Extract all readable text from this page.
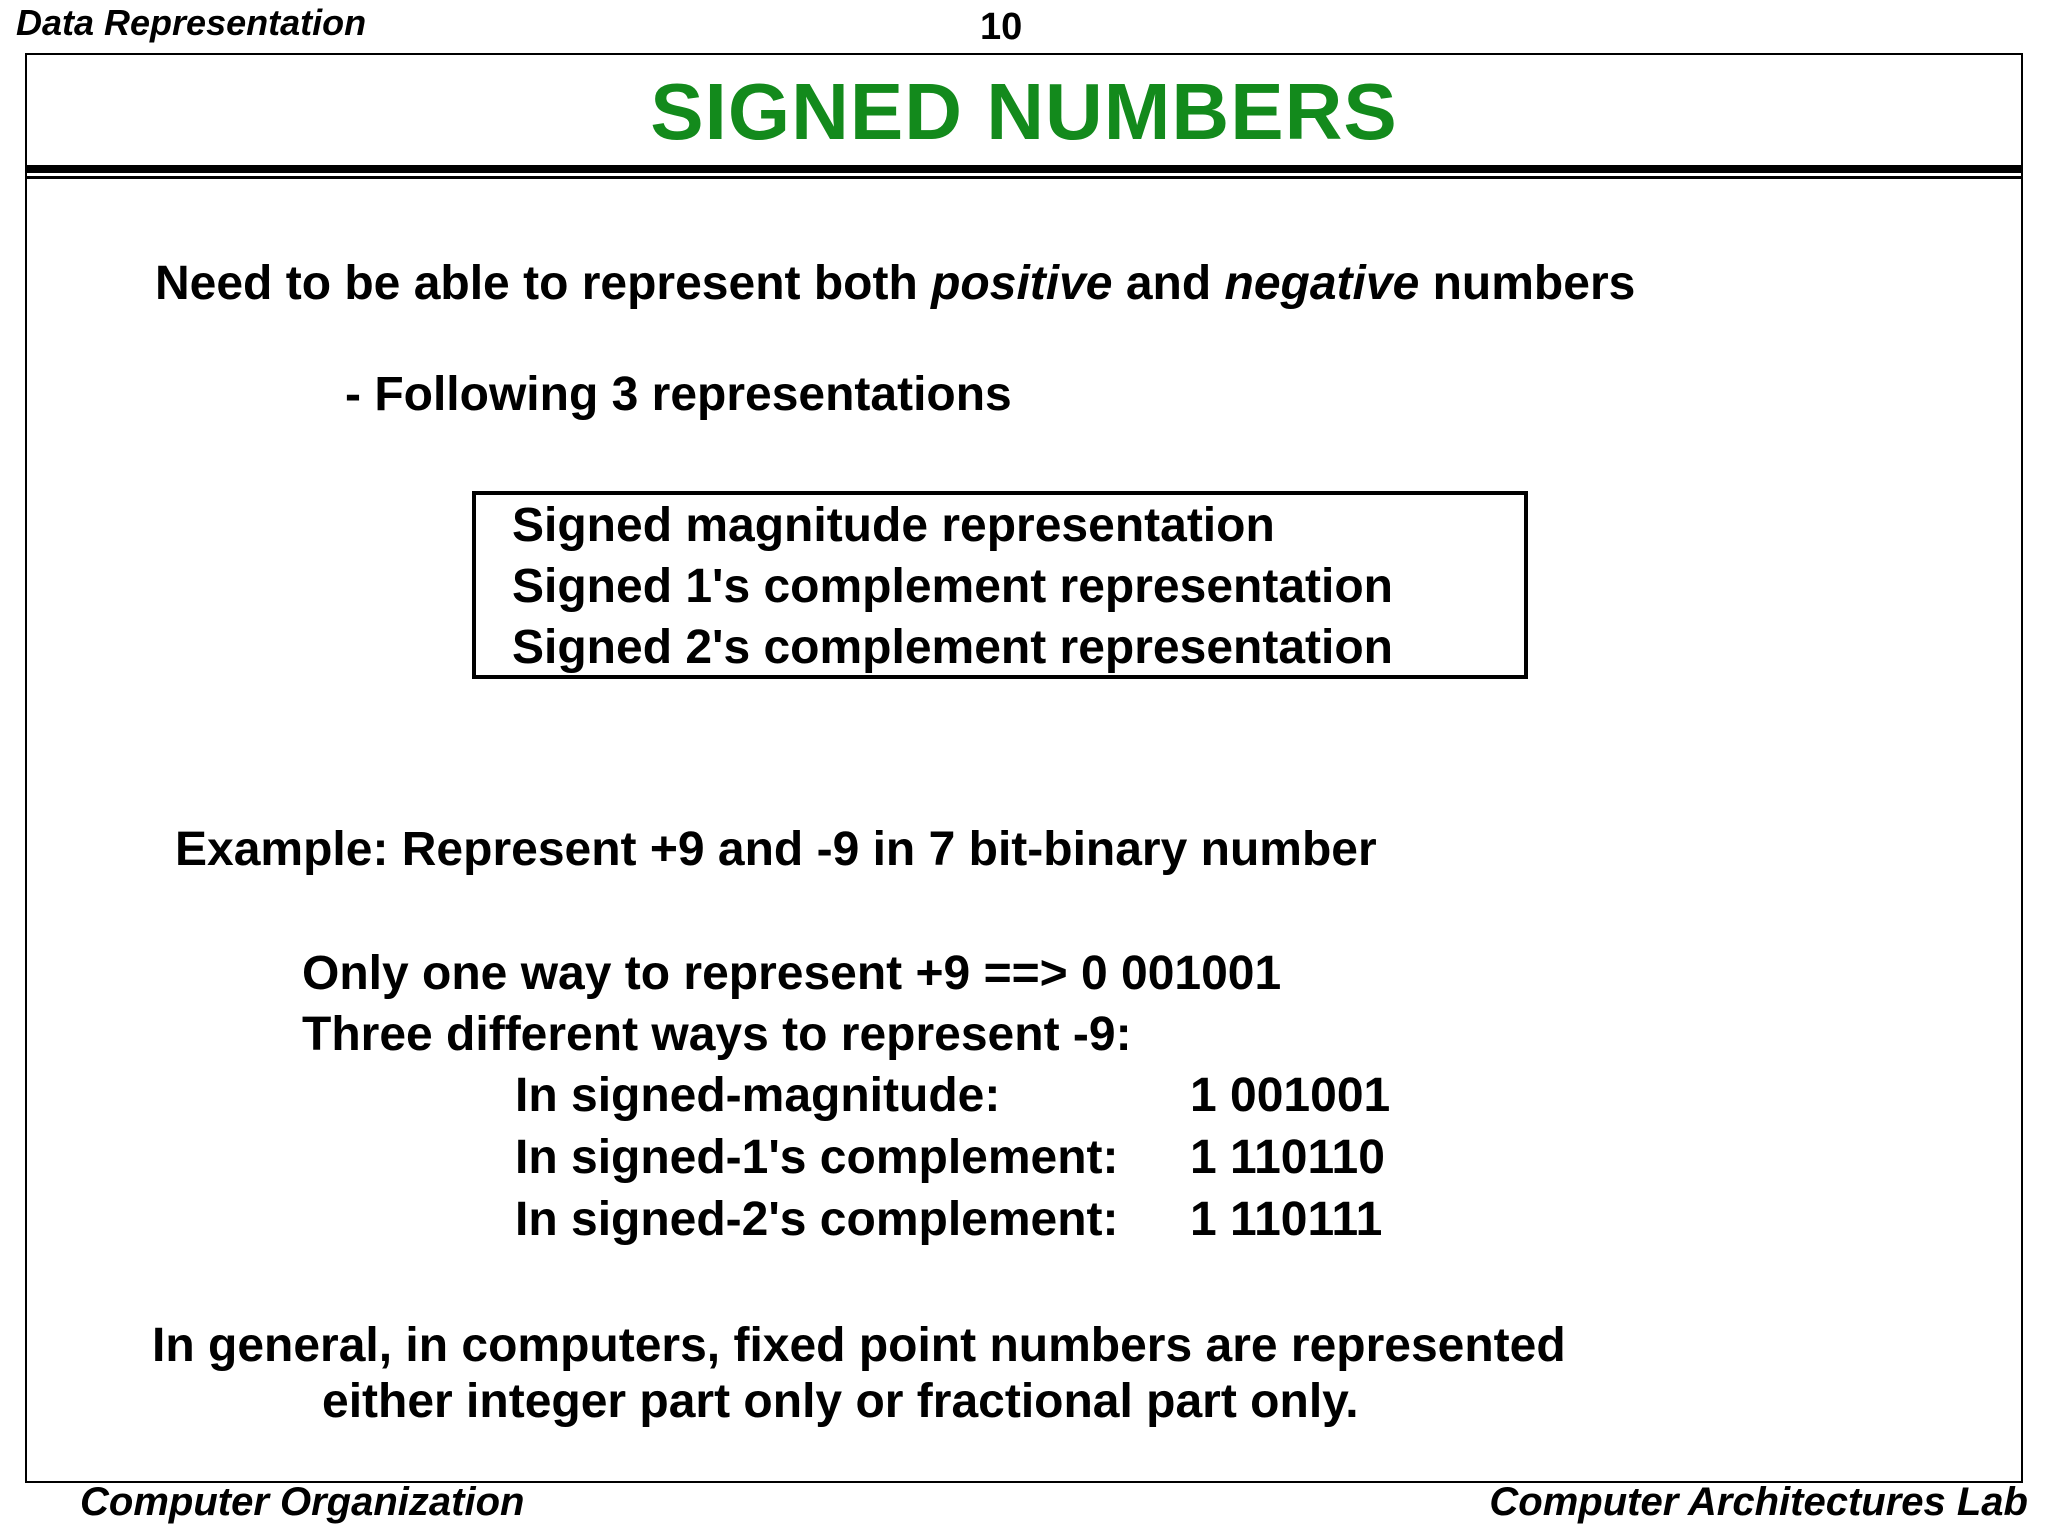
Data Representation	10
SIGNED NUMBERS
Need to be able to represent both positive and negative numbers
- Following 3 representations
Signed magnitude representation
Signed 1's complement representation
Signed 2's complement representation
Example: Represent +9 and -9 in 7 bit-binary number
Only one way to represent +9 ==> 0 001001
Three different ways to represent -9:
In signed-magnitude:	1 001001
In signed-1's complement: 1 110110
In signed-2's complement: 1 110111
In general, in computers, fixed point numbers are represented
either integer part only or fractional part only.
Computer Organization	Computer Architectures Lab
